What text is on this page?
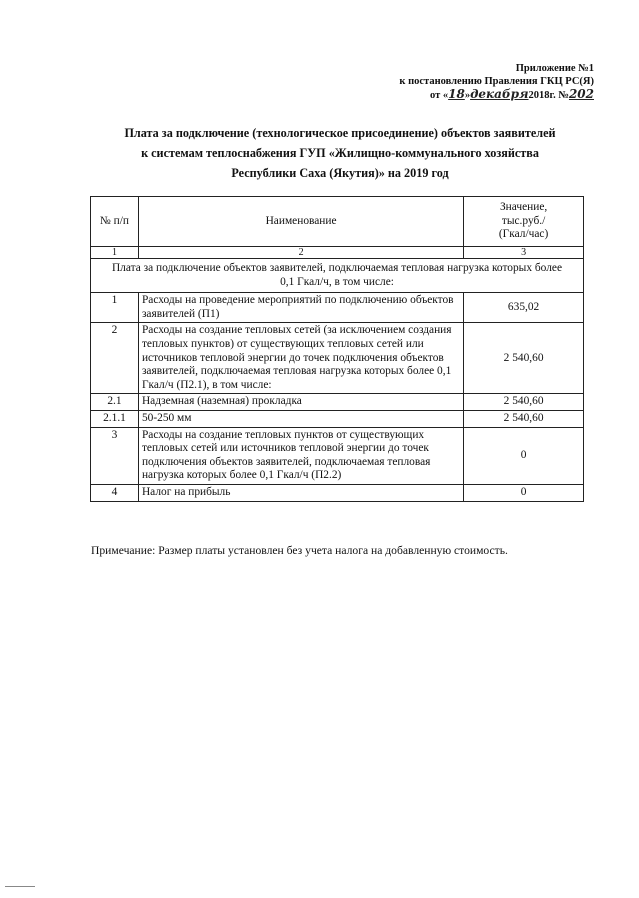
Приложение №1
к постановлению Правления ГКЦ РС(Я)
от «18»декабря2018г. №202
Плата за подключение (технологическое присоединение) объектов заявителей
к системам теплоснабжения ГУП «Жилищно-коммунального хозяйства
Республики Саха (Якутия)» на 2019 год
№ п/п	Наименование	Значение,
тыс.руб./
(Гкал/час)

1	2	3
Плата за подключение объектов заявителей, подключаемая тепловая нагрузка которых более 0,1 Гкал/ч, в том числе:		
1	Расходы на проведение мероприятий по подключению объектов заявителей (П1)	635,02
2	Расходы на создание тепловых сетей (за исключением создания тепловых пунктов) от существующих тепловых сетей или источников тепловой энергии до точек подключения объектов заявителей, подключаемая тепловая нагрузка которых более 0,1 Гкал/ч (П2.1), в том числе:	2 540,60
2.1	Надземная (наземная) прокладка	2 540,60
2.1.1	50-250 мм	2 540,60
3	Расходы на создание тепловых пунктов от существующих тепловых сетей или источников тепловой энергии до точек подключения объектов заявителей, подключаемая тепловая нагрузка которых более 0,1 Гкал/ч (П2.2)	0
4	Налог на прибыль	0
Примечание: Размер платы установлен без учета налога на добавленную стоимость.
